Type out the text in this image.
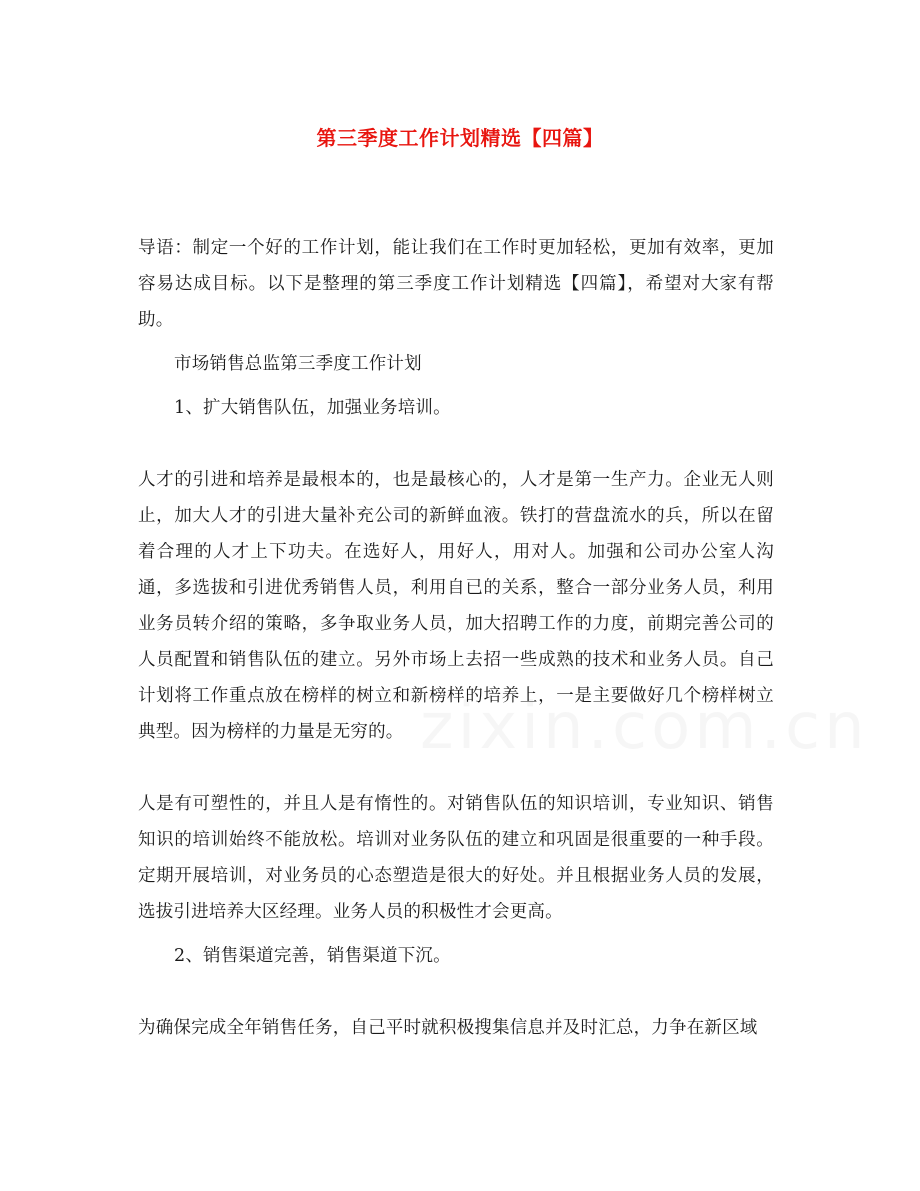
第三季度工作计划精选【四篇】

导语：制定一个好的工作计划，能让我们在工作时更加轻松，更加有效率，更加容易达成目标。以下是整理的第三季度工作计划精选【四篇】，希望对大家有帮助。

市场销售总监第三季度工作计划

1、扩大销售队伍，加强业务培训。

人才的引进和培养是最根本的，也是最核心的，人才是第一生产力。企业无人则止，加大人才的引进大量补充公司的新鲜血液。铁打的营盘流水的兵，所以在留着合理的人才上下功夫。在选好人，用好人，用对人。加强和公司办公室人沟通，多选拔和引进优秀销售人员，利用自已的关系，整合一部分业务人员，利用业务员转介绍的策略，多争取业务人员，加大招聘工作的力度，前期完善公司的人员配置和销售队伍的建立。另外市场上去招一些成熟的技术和业务人员。自己计划将工作重点放在榜样的树立和新榜样的培养上，一是主要做好几个榜样树立典型。因为榜样的力量是无穷的。

人是有可塑性的，并且人是有惰性的。对销售队伍的知识培训，专业知识、销售知识的培训始终不能放松。培训对业务队伍的建立和巩固是很重要的一种手段。定期开展培训，对业务员的心态塑造是很大的好处。并且根据业务人员的发展，选拔引进培养大区经理。业务人员的积极性才会更高。

2、销售渠道完善，销售渠道下沉。

为确保完成全年销售任务，自己平时就积极搜集信息并及时汇总，力争在新区域
